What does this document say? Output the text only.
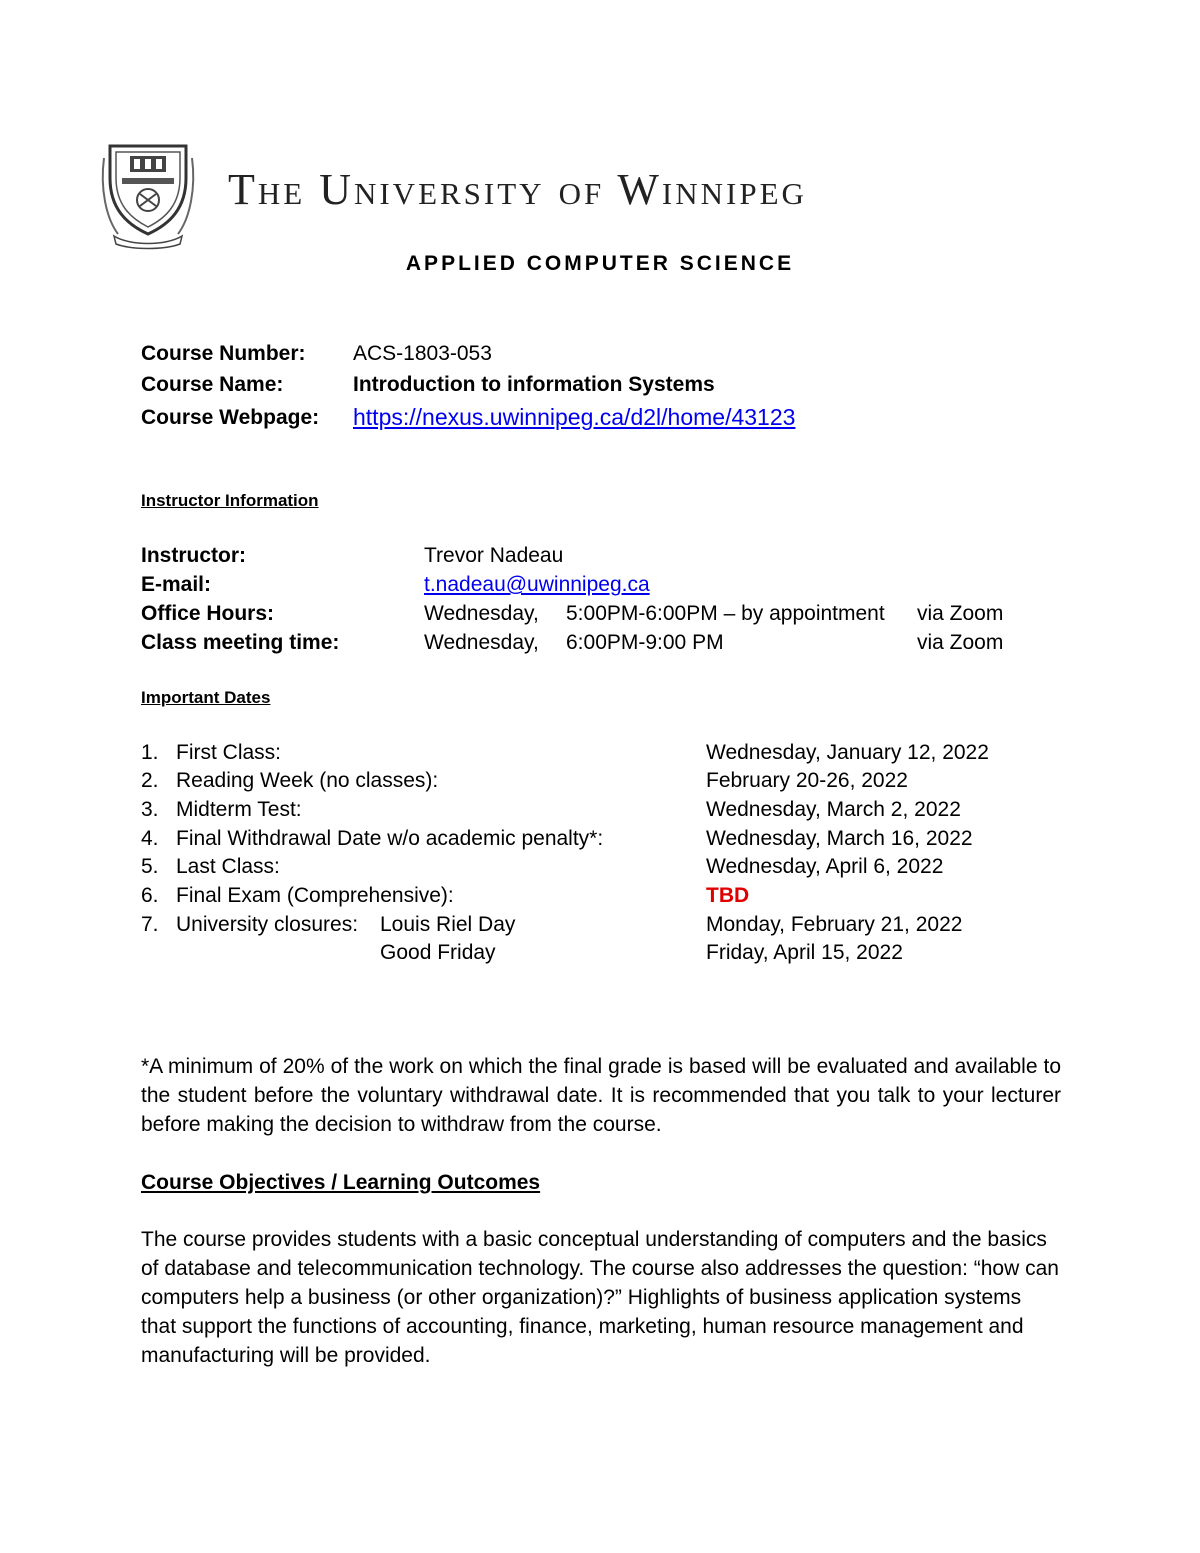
The University of Winnipeg
APPLIED COMPUTER SCIENCE
Course Number: ACS-1803-053
Course Name:	Introduction to information Systems
Course Webpage: https://nexus.uwinnipeg.ca/d2l/home/43123
Instructor Information
Instructor:	Trevor Nadeau
E-mail:	t.nadeau@uwinnipeg.ca
Office Hours:	Wednesday, 5:00PM-6:00PM – by appointment via Zoom
Class meeting time:	Wednesday, 6:00PM-9:00 PM	via Zoom
Important Dates
1. First Class:	Wednesday, January 12, 2022
2. Reading Week (no classes):	February 20-26, 2022
3. Midterm Test:	Wednesday, March 2, 2022
4. Final Withdrawal Date w/o academic penalty*:	Wednesday, March 16, 2022
5. Last Class:	Wednesday, April 6, 2022
6. Final Exam (Comprehensive):	TBD
7. University closures: Louis Riel Day	Monday, February 21, 2022
Good Friday	Friday, April 15, 2022
*A minimum of 20% of the work on which the final grade is based will be evaluated and available to the student before the voluntary withdrawal date. It is recommended that you talk to your lecturer before making the decision to withdraw from the course.
Course Objectives / Learning Outcomes
The course provides students with a basic conceptual understanding of computers and the basics of database and telecommunication technology. The course also addresses the question: “how can computers help a business (or other organization)?” Highlights of business application systems that support the functions of accounting, finance, marketing, human resource management and manufacturing will be provided.
